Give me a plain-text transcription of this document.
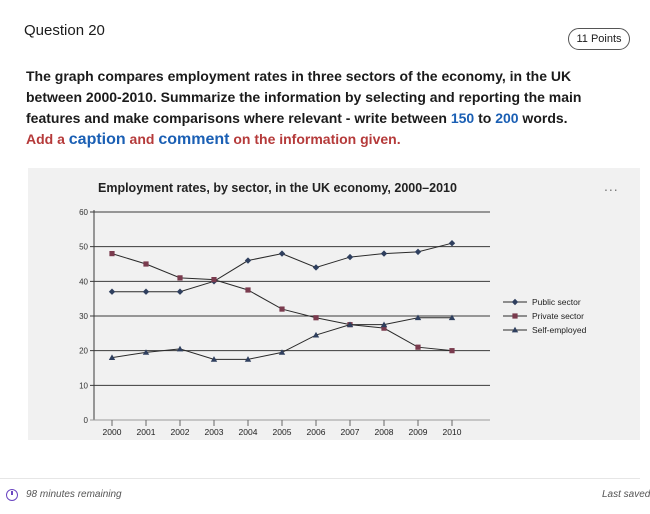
Question 20	11 Points
The graph compares employment rates in three sectors of the economy, in the UK between 2000-2010. Summarize the information by selecting and reporting the main features and make comparisons where relevant - write between 150 to 200 words.
Add a caption and comment on the information given.
0
10
20
30
40
50
60
2000 2001 2002 2003 2004 2005 2006 2007 2008 2009 2010
Public sector
Private sector
Self-employed
Employment rates, by sector, in the UK economy, 2000–2010	...
98 minutes remaining	Last saved
